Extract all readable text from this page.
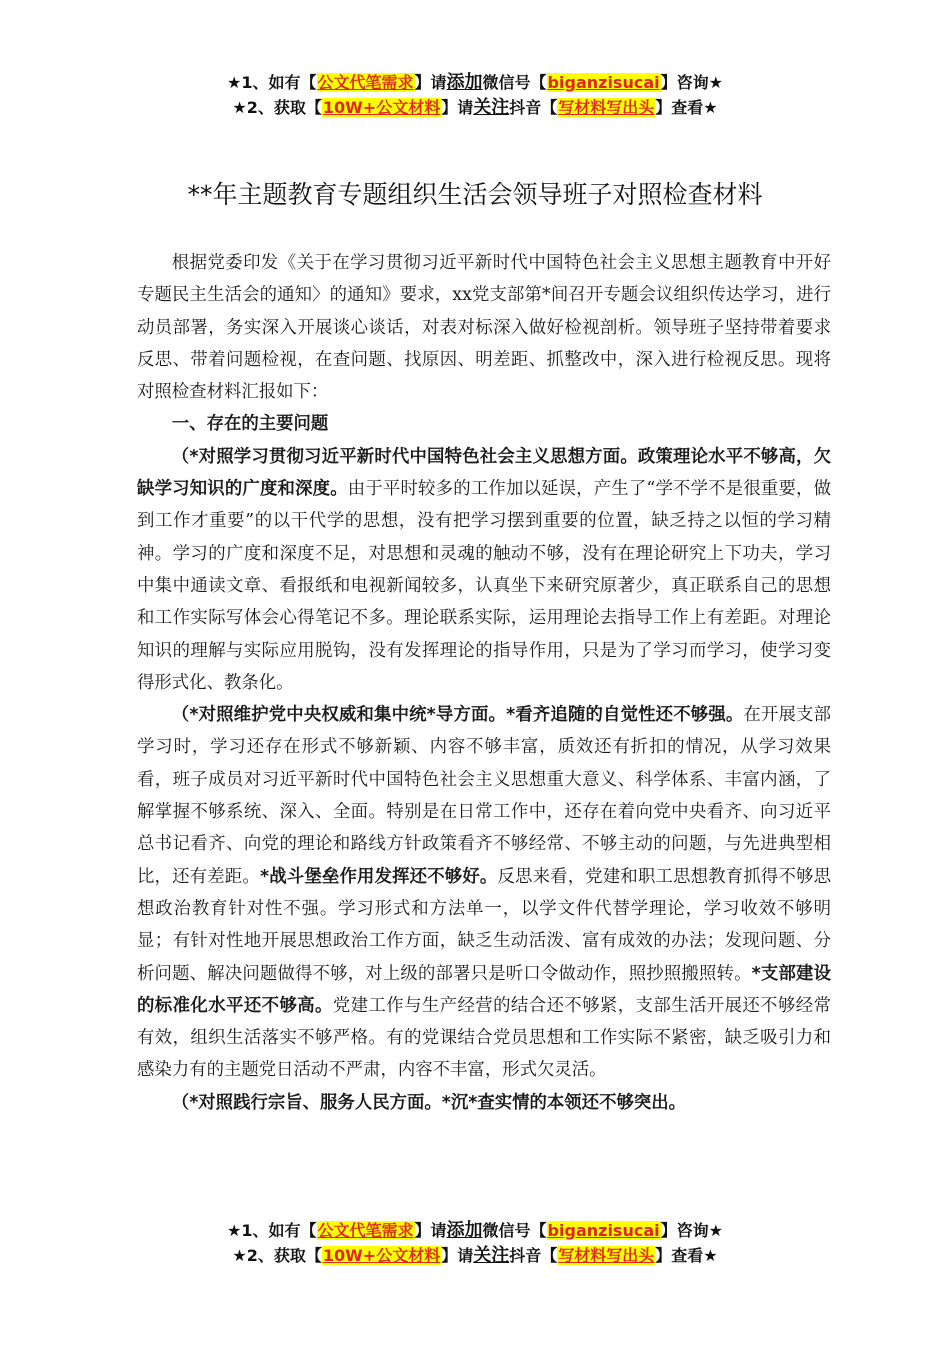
★1、如有【公文代笔需求】请添加微信号【biganzisucai】咨询★
★2、获取【10W+公文材料】请关注抖音【写材料写出头】查看★
**年主题教育专题组织生活会领导班子对照检查材料

根据党委印发《关于在学习贯彻习近平新时代中国特色社会主义思想主题教育中开好专题民主生活会的通知〉的通知》要求，xx党支部第*间召开专题会议组织传达学习，进行动员部署，务实深入开展谈心谈话，对表对标深入做好检视剖析。领导班子坚持带着要求反思、带着问题检视，在查问题、找原因、明差距、抓整改中，深入进行检视反思。现将对照检查材料汇报如下：

一、存在的主要问题

（*对照学习贯彻习近平新时代中国特色社会主义思想方面。政策理论水平不够高，欠缺学习知识的广度和深度。由于平时较多的工作加以延误，产生了“学不学不是很重要，做到工作才重要”的以干代学的思想，没有把学习摆到重要的位置，缺乏持之以恒的学习精神。学习的广度和深度不足，对思想和灵魂的触动不够，没有在理论研究上下功夫，学习中集中通读文章、看报纸和电视新闻较多，认真坐下来研究原著少，真正联系自己的思想和工作实际写体会心得笔记不多。理论联系实际，运用理论去指导工作上有差距。对理论知识的理解与实际应用脱钩，没有发挥理论的指导作用，只是为了学习而学习，使学习变得形式化、教条化。

（*对照维护党中央权威和集中统*导方面。*看齐追随的自觉性还不够强。在开展支部学习时，学习还存在形式不够新颖、内容不够丰富，质效还有折扣的情况，从学习效果看，班子成员对习近平新时代中国特色社会主义思想重大意义、科学体系、丰富内涵，了解掌握不够系统、深入、全面。特别是在日常工作中，还存在着向党中央看齐、向习近平总书记看齐、向党的理论和路线方针政策看齐不够经常、不够主动的问题，与先进典型相比，还有差距。*战斗堡垒作用发挥还不够好。反思来看，党建和职工思想教育抓得不够思想政治教育针对性不强。学习形式和方法单一，以学文件代替学理论，学习收效不够明显；有针对性地开展思想政治工作方面，缺乏生动活泼、富有成效的办法；发现问题、分析问题、解决问题做得不够，对上级的部署只是听口令做动作，照抄照搬照转。*支部建设的标准化水平还不够高。党建工作与生产经营的结合还不够紧，支部生活开展还不够经常有效，组织生活落实不够严格。有的党课结合党员思想和工作实际不紧密，缺乏吸引力和感染力有的主题党日活动不严肃，内容不丰富，形式欠灵活。

（*对照践行宗旨、服务人民方面。*沉*查实情的本领还不够突出。

★1、如有【公文代笔需求】请添加微信号【biganzisucai】咨询★
★2、获取【10W+公文材料】请关注抖音【写材料写出头】查看★
